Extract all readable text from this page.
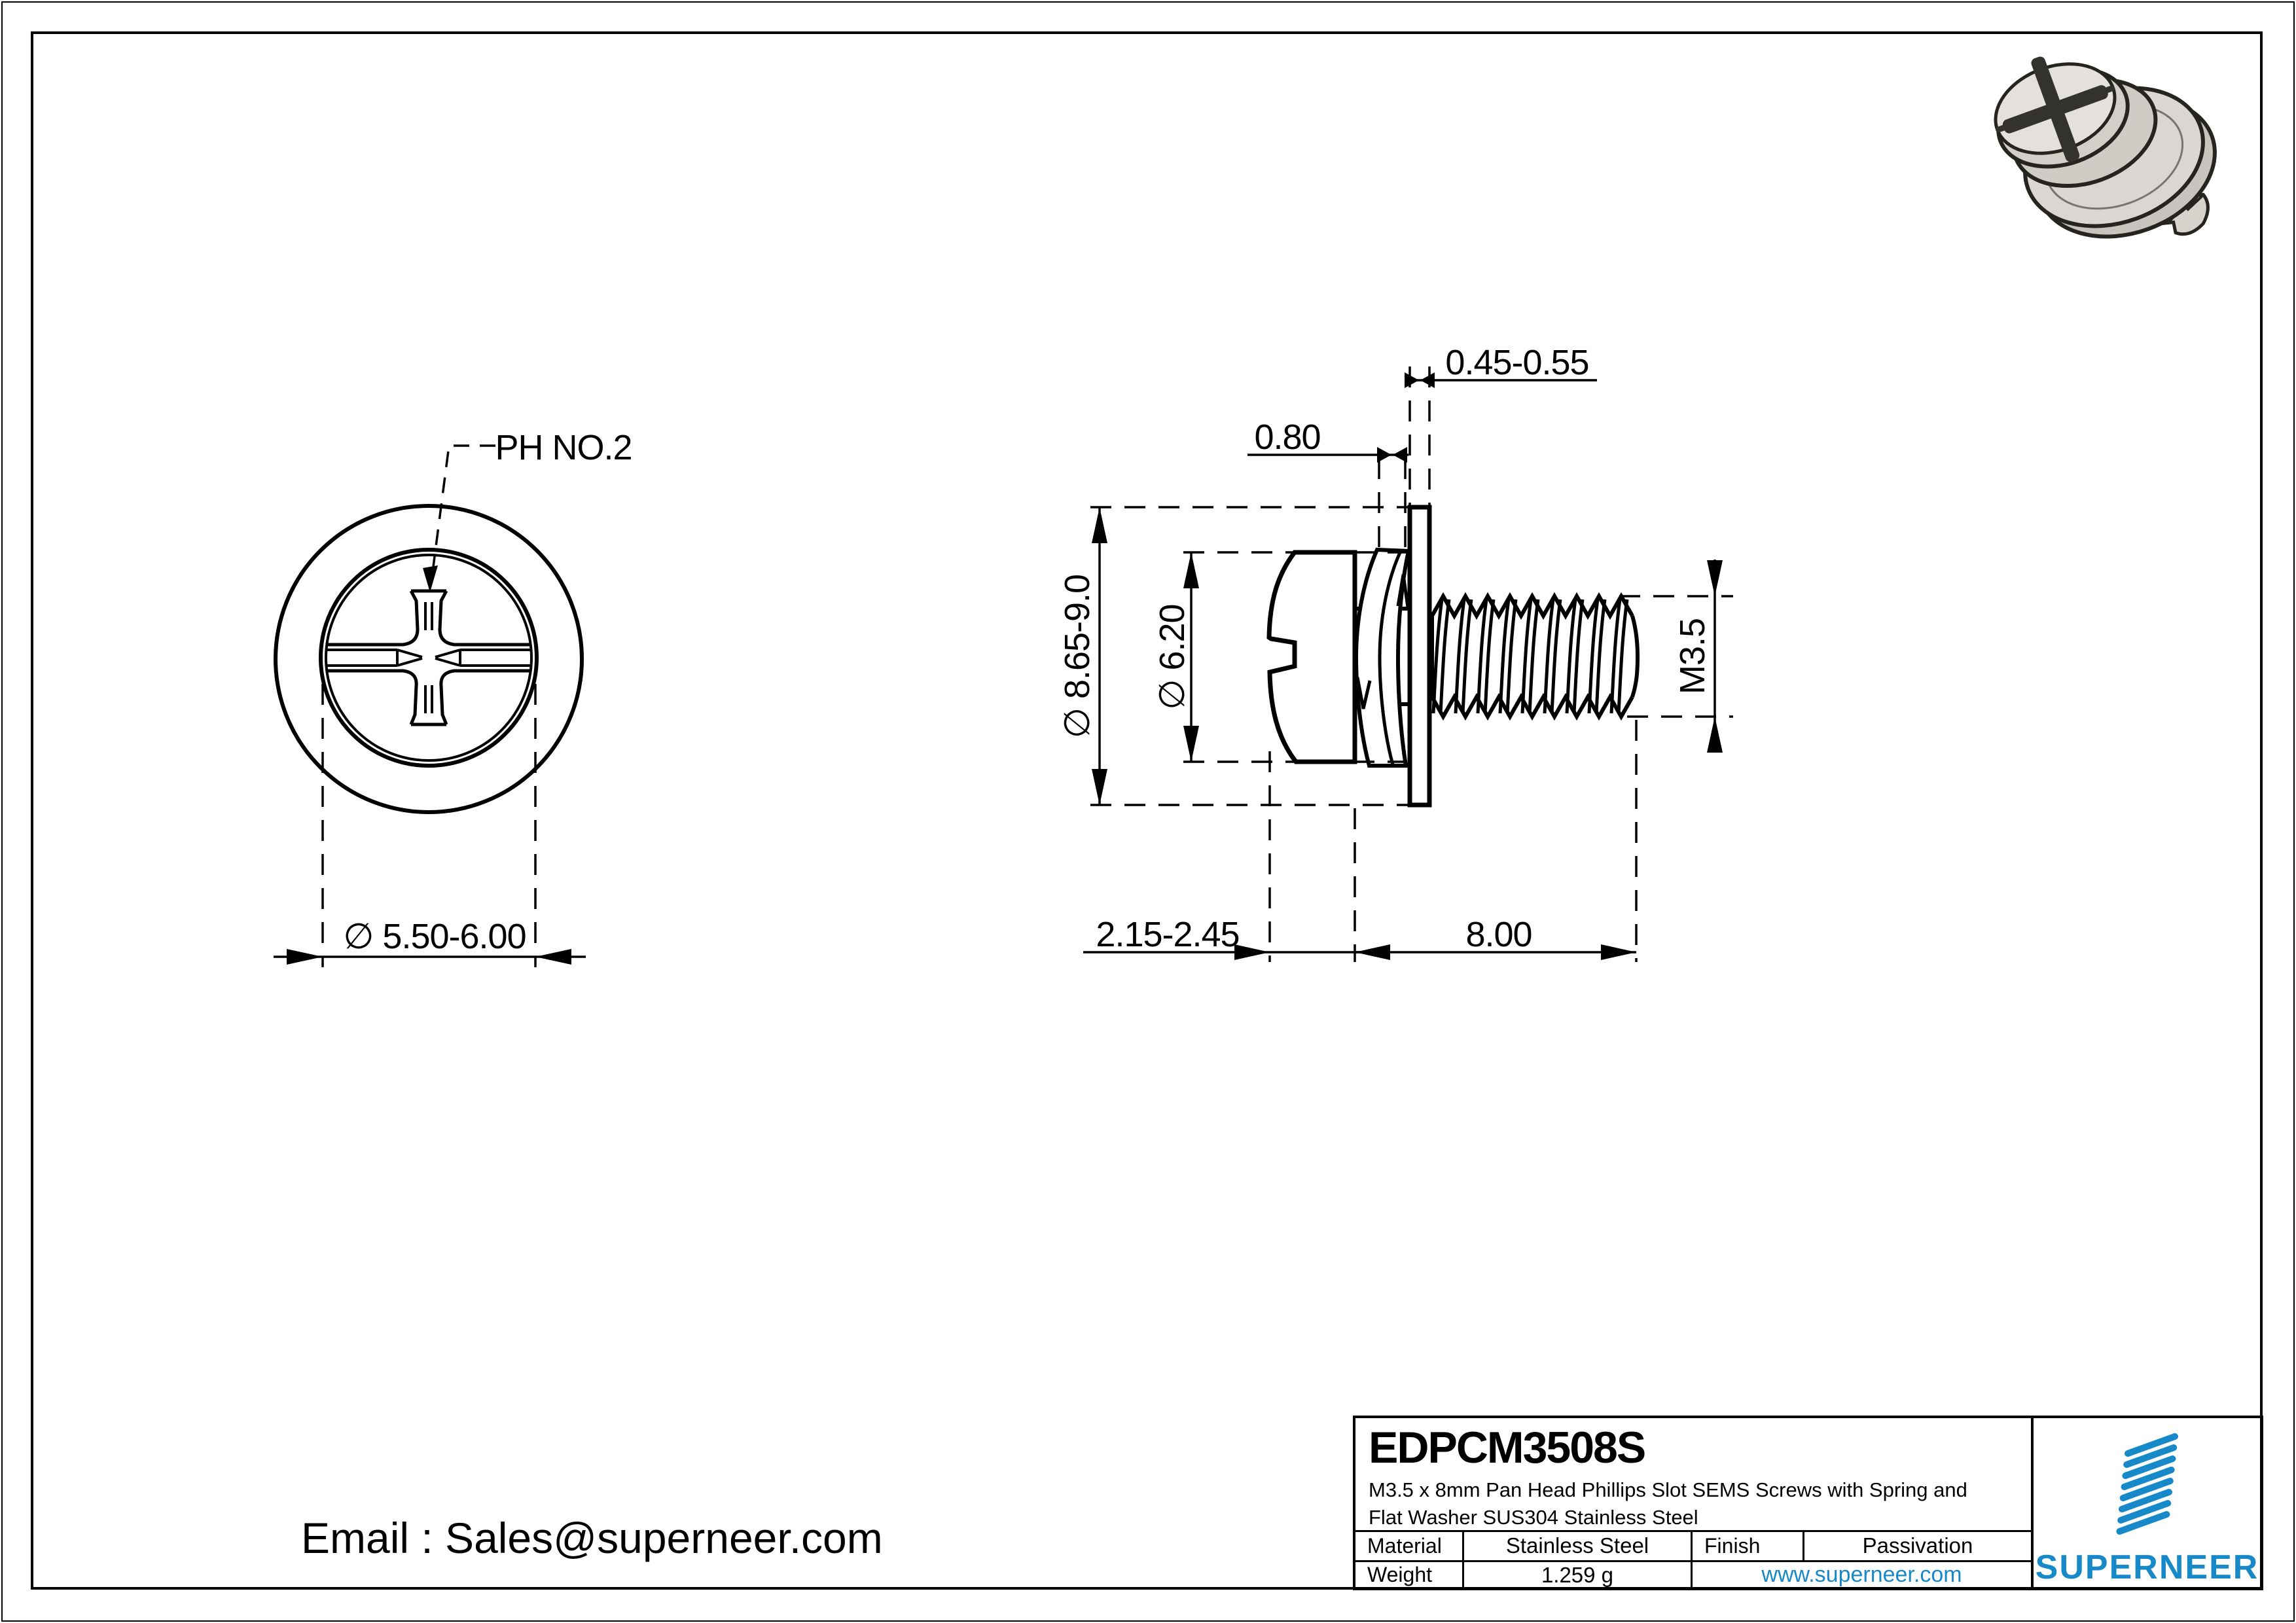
PH NO.2
∅ 5.50-6.00
0.45-0.55
0.80
∅ 8.65-9.0 ∅ 6.20	M3.5
2.15-2.45	8.00
Email : Sales@superneer.com
EDPCM3508S
M3.5 x 8mm Pan Head Phillips Slot SEMS Screws with Spring and
Flat Washer SUS304 Stainless Steel
Material	Stainless Steel	Finish	Passivation
Weight	1.259 g	www.superneer.com	SUPERNEER
